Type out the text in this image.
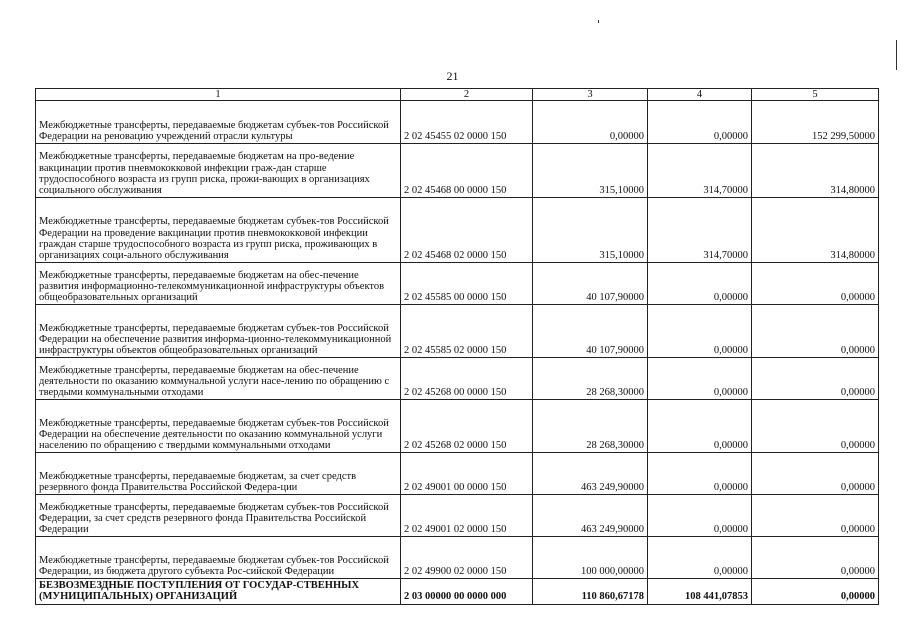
21
1	2	3	4	5
Межбюджетные трансферты, передаваемые бюджетам субъек-тов Российской Федерации на реновацию учреждений отрасли культуры	2 02 45455 02 0000 150	0,00000	0,00000	152 299,50000
Межбюджетные трансферты, передаваемые бюджетам на про-ведение вакцинации против пневмококковой инфекции граж-дан старше трудоспособного возраста из групп риска, прожи-вающих в организациях социального обслуживания	2 02 45468 00 0000 150	315,10000	314,70000	314,80000
Межбюджетные трансферты, передаваемые бюджетам субъек-тов Российской Федерации на проведение вакцинации против пневмококковой инфекции граждан старше трудоспособного возраста из групп риска, проживающих в организациях соци-ального обслуживания	2 02 45468 02 0000 150	315,10000	314,70000	314,80000
Межбюджетные трансферты, передаваемые бюджетам на обес-печение развития информационно-телекоммуникационной инфраструктуры объектов общеобразовательных организаций	2 02 45585 00 0000 150	40 107,90000	0,00000	0,00000
Межбюджетные трансферты, передаваемые бюджетам субъек-тов Российской Федерации на обеспечение развития информа-ционно-телекоммуникационной инфраструктуры объектов общеобразовательных организаций	2 02 45585 02 0000 150	40 107,90000	0,00000	0,00000
Межбюджетные трансферты, передаваемые бюджетам на обес-печение деятельности по оказанию коммунальной услуги насе-лению по обращению с твердыми коммунальными отходами	2 02 45268 00 0000 150	28 268,30000	0,00000	0,00000
Межбюджетные трансферты, передаваемые бюджетам субъек-тов Российской Федерации на обеспечение деятельности по оказанию коммунальной услуги населению по обращению с твердыми коммунальными отходами	2 02 45268 02 0000 150	28 268,30000	0,00000	0,00000
Межбюджетные трансферты, передаваемые бюджетам, за счет средств резервного фонда Правительства Российской Федера-ции	2 02 49001 00 0000 150	463 249,90000	0,00000	0,00000
Межбюджетные трансферты, передаваемые бюджетам субъек-тов Российской Федерации, за счет средств резервного фонда Правительства Российской Федерации	2 02 49001 02 0000 150	463 249,90000	0,00000	0,00000
Межбюджетные трансферты, передаваемые бюджетам субъек-тов Российской Федерации, из бюджета другого субъекта Рос-сийской Федерации	2 02 49900 02 0000 150	100 000,00000	0,00000	0,00000
БЕЗВОЗМЕЗДНЫЕ ПОСТУПЛЕНИЯ ОТ ГОСУДАР-СТВЕННЫХ (МУНИЦИПАЛЬНЫХ) ОРГАНИЗАЦИЙ	2 03 00000 00 0000 000	110 860,67178	108 441,07853	0,00000
